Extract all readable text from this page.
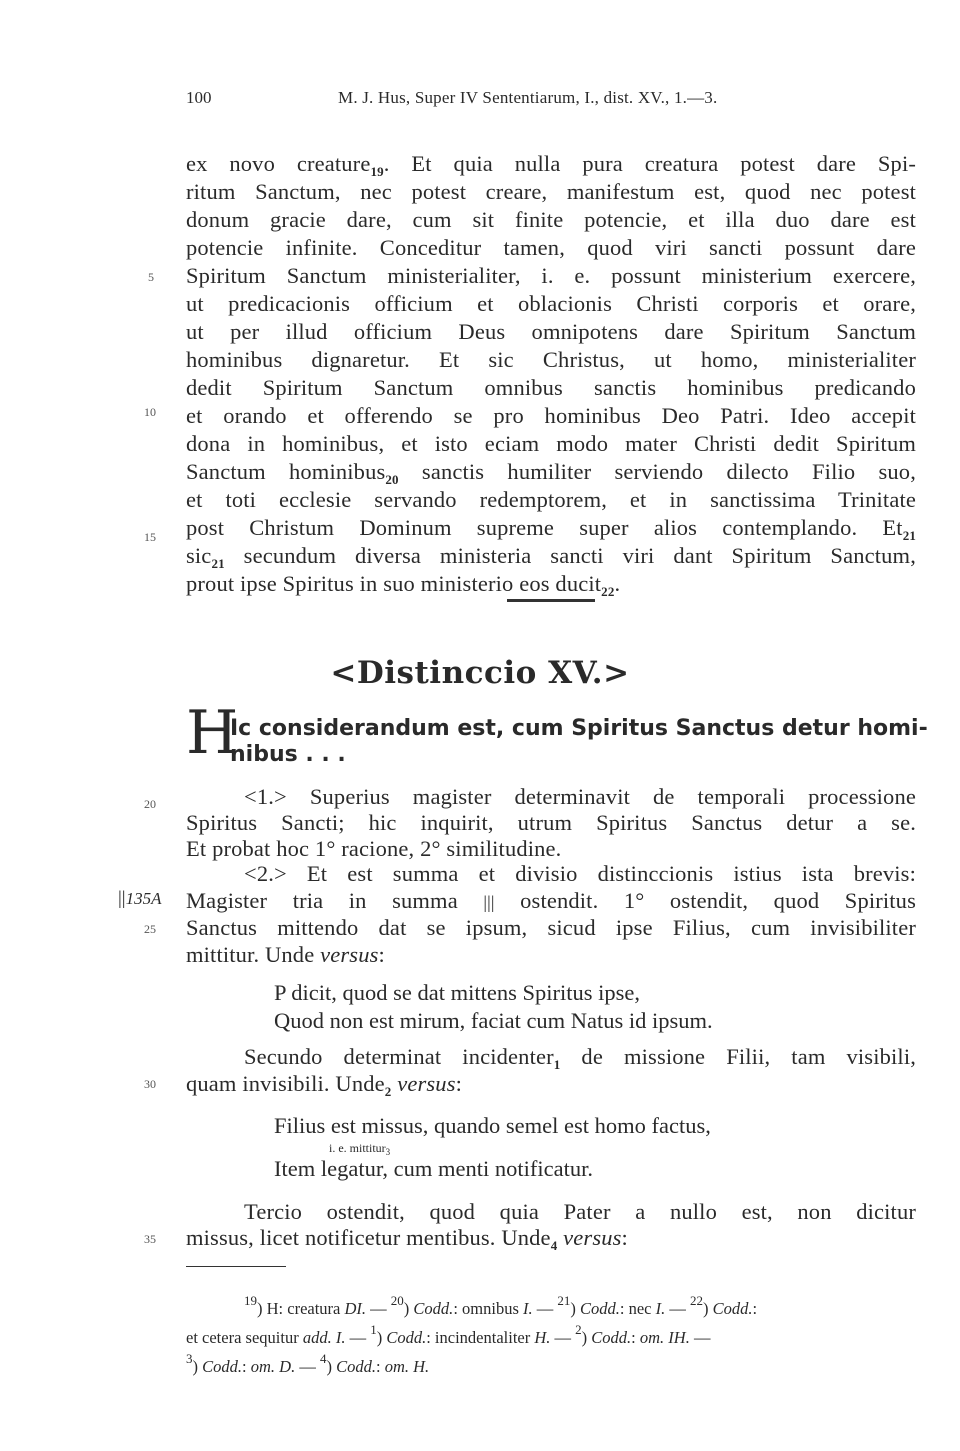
100	M. J. Hus, Super IV Sententiarum, I., dist. XV., 1.—3.
ex novo creature$_{19}$. Et quia nulla pura creatura potest dare Spi-
ritum Sanctum, nec potest creare, manifestum est, quod nec potest
donum gracie dare, cum sit finite potencie, et illa duo dare est
potencie infinite. Conceditur tamen, quod viri sancti possunt dare
Spiritum Sanctum ministerialiter, i. e. possunt ministerium exercere,
ut predicacionis officium et oblacionis Christi corporis et orare,
ut per illud officium Deus omnipotens dare Spiritum Sanctum
hominibus dignaretur. Et sic Christus, ut homo, ministerialiter
dedit Spiritum Sanctum omnibus sanctis hominibus predicando
et orando et offerendo se pro hominibus Deo Patri. Ideo accepit
dona in hominibus, et isto eciam modo mater Christi dedit Spiritum
Sanctum hominibus$_{20}$ sanctis humiliter serviendo dilecto Filio suo,
et toti ecclesie servando redemptorem, et in sanctissima Trinitate
post Christum Dominum supreme super alios contemplando. $Et_{21}$
sic$_{21}$ secundum diversa ministeria sancti viri dant Spiritum Sanctum,
prout ipse Spiritus in suo ministerio eos ducit$_{22}$.
5
10
15
20
25
30
35
<Distinccio XV.>
H
Ic considerandum est, cum Spiritus Sanctus detur homi-
nibus . . .
<1.> Superius magister determinavit de temporali processione
Spiritus Sancti; hic inquirit, utrum Spiritus Sanctus detur a se.
Et probat hoc 1° racione, 2° similitudine.
||135A
<2.> Et est summa et divisio distinccionis istius ista brevis:
Magister tria in summa ||| ostendit. 1° ostendit, quod Spiritus
Sanctus mittendo dat se ipsum, sicud ipse Filius, cum invisibiliter
mittitur. Unde versus:
P dicit, quod se dat mittens Spiritus ipse,
Quod non est mirum, faciat cum Natus id ipsum.
Secundo determinat incidenter$_1$ de missione Filii, tam visibili,
quam invisibili. Unde$_2$ versus:
Filius est missus, quando semel est homo factus,
i. e. mittitur$_3$
Item legatur, cum menti notificatur.
Tercio ostendit, quod quia Pater a nullo est, non dicitur
missus, licet notificetur mentibus. Unde$_4$ versus:
$^{19}$) H: creatura DI. — $^{20}$) Codd.: omnibus I. — $^{21}$) Codd.: nec I. — $^{22}$) Codd.:
et cetera sequitur add. I. — $^1$) Codd.: incindentaliter H. — $^2$) Codd.: om. IH. —
$^3$) Codd.: om. D. — $^4$) Codd.: om. H.
